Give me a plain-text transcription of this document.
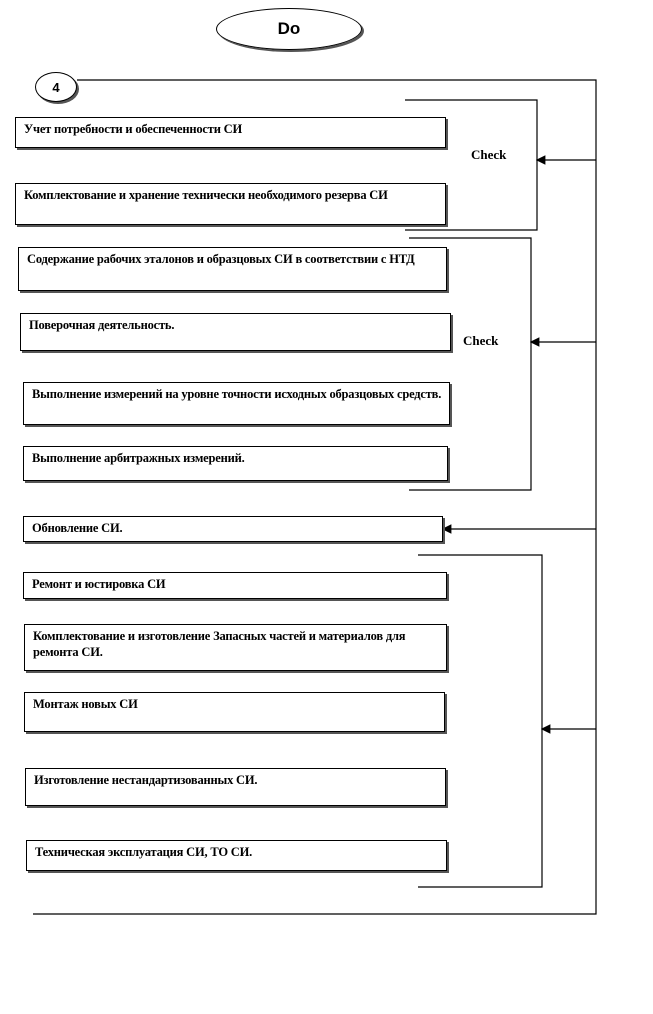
Do
4
Check
Check
Учет потребности и обеспеченности СИ
Комплектование и хранение технически необходимого резерва СИ
Содержание рабочих эталонов и образцовых СИ в соответствии с НТД
Поверочная деятельность.
Выполнение измерений на уровне точности исходных образцовых средств.
Выполнение арбитражных измерений.
Обновление СИ.
Ремонт и юстировка СИ
Комплектование и изготовление Запасных частей и материалов для ремонта СИ.
Монтаж новых СИ
Изготовление нестандартизованных СИ.
Техническая эксплуатация СИ, ТО СИ.
